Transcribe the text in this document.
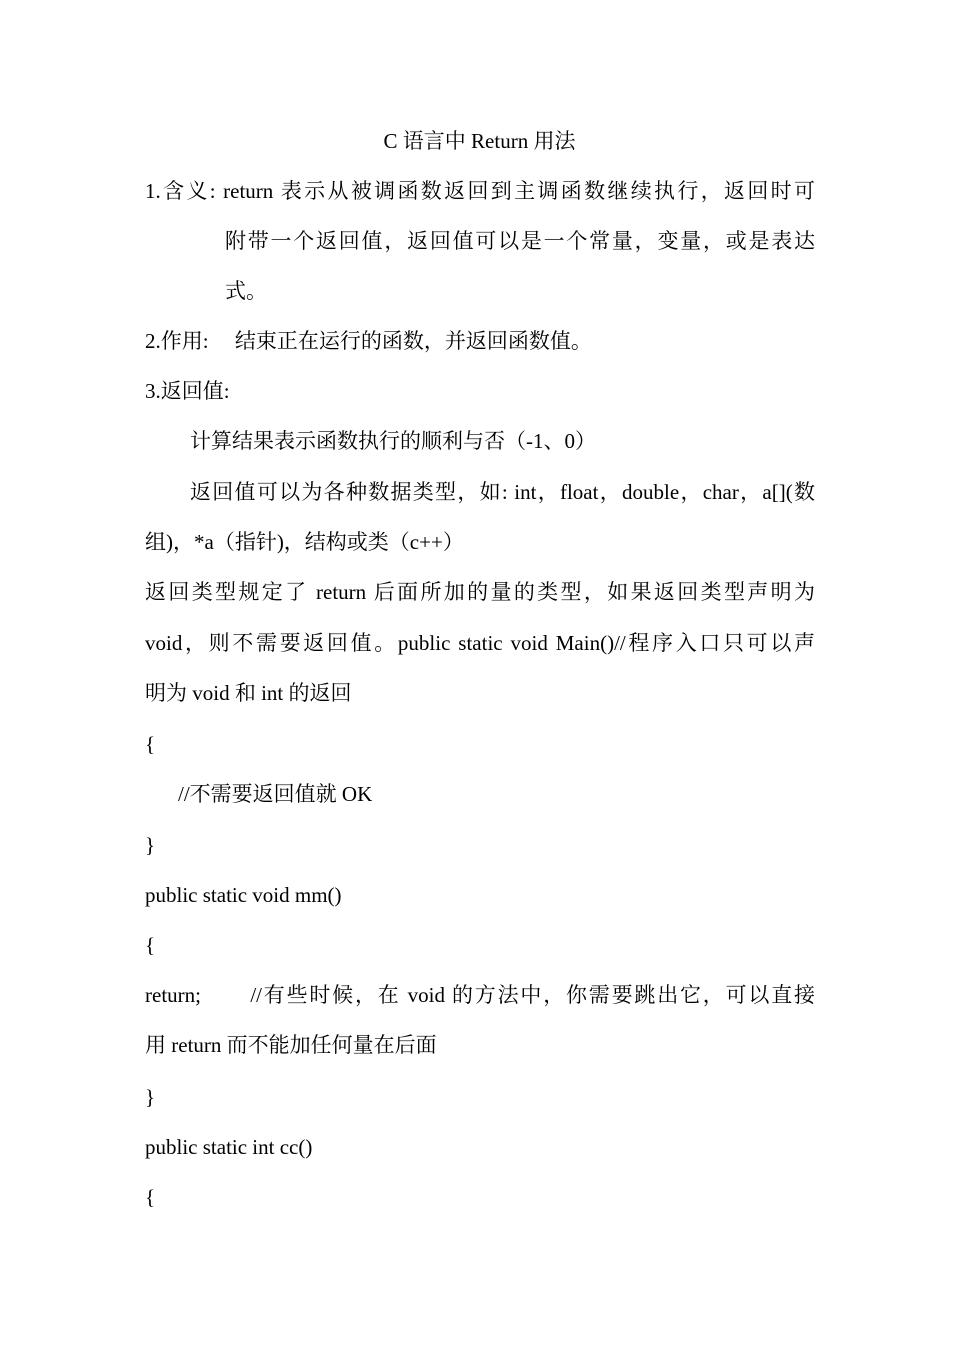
C 语言中 Return 用法
1.含义: return 表示从被调函数返回到主调函数继续执行，返回时可
附带一个返回值，返回值可以是一个常量，变量，或是表达
式。
2.作用:     结束正在运行的函数，并返回函数值。
3.返回值:
计算结果表示函数执行的顺利与否（-1、0）
返回值可以为各种数据类型，如: int，float，double，char，a[](数
组)，*a（指针)，结构或类（c++）
返回类型规定了 return 后面所加的量的类型，如果返回类型声明为
void，则不需要返回值。public static void Main()//程序入口只可以声
明为 void 和 int 的返回
{
//不需要返回值就 OK
}
public static void mm()
{
return;       //有些时候，在 void 的方法中，你需要跳出它，可以直接
用 return 而不能加任何量在后面
}
public static int cc()
{
